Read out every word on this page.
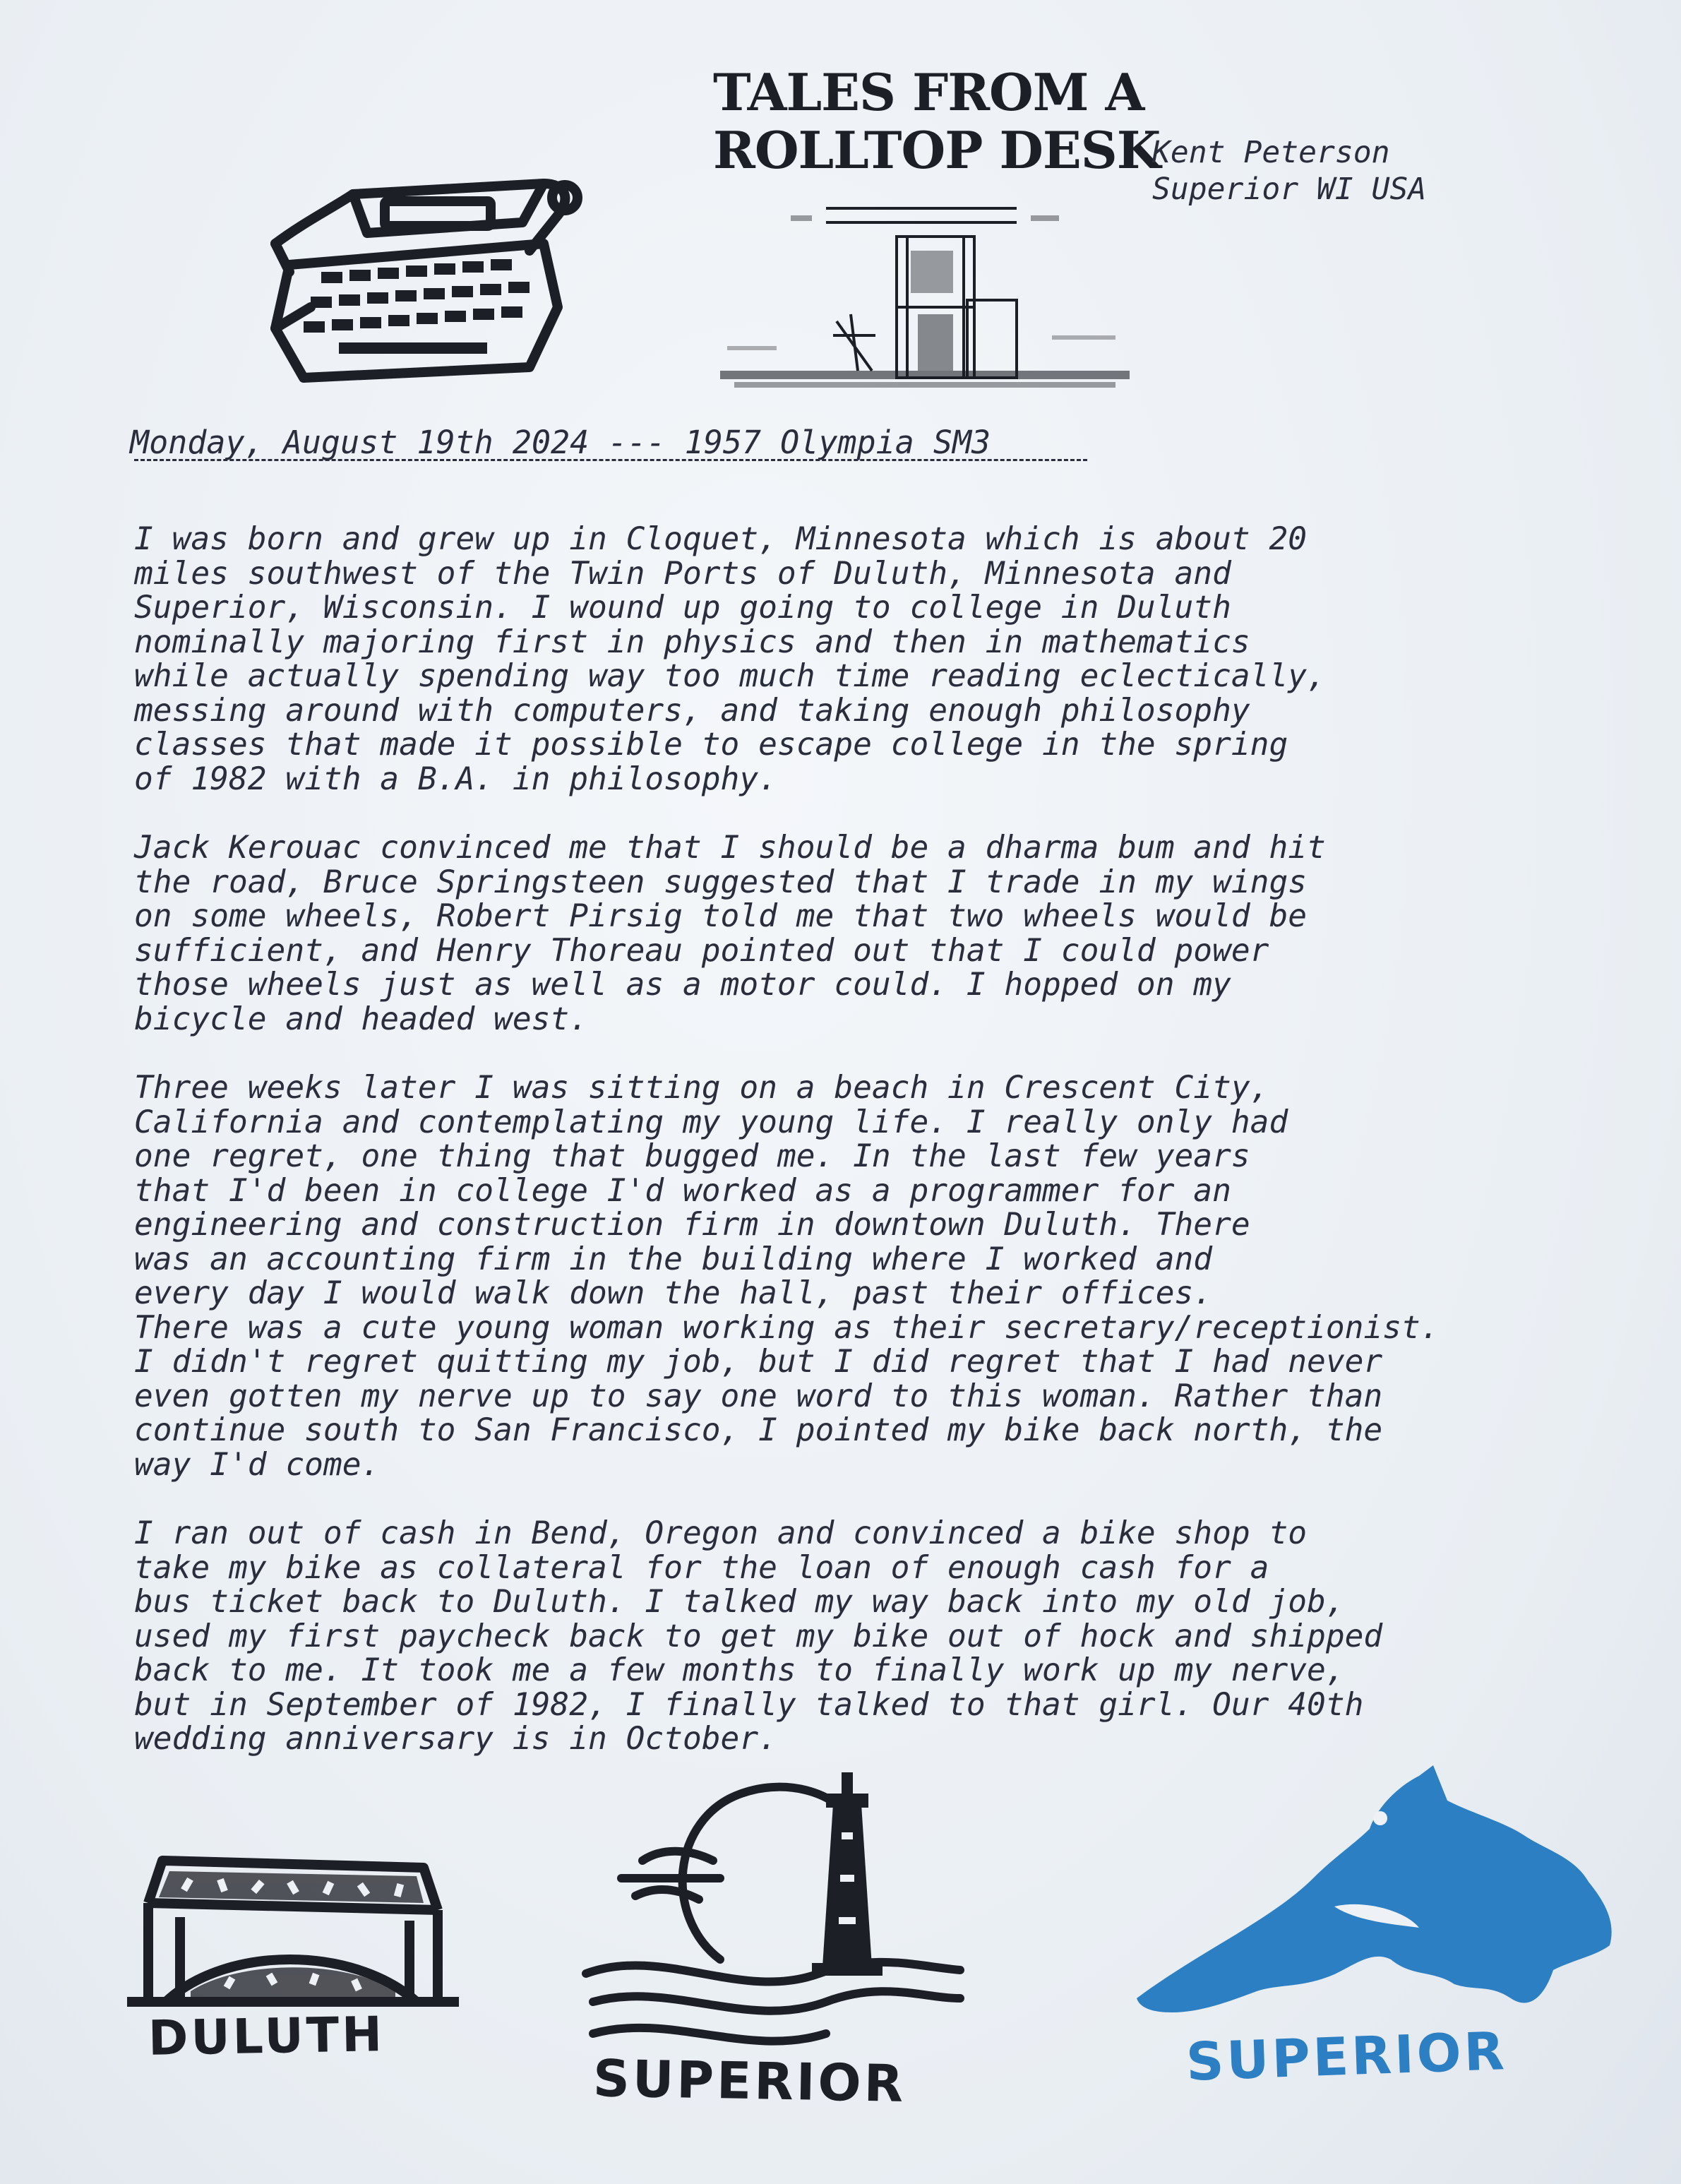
TALES FROM A
ROLLTOP DESK
Kent Peterson
Superior WI USA
Monday, August 19th 2024 --- 1957 Olympia SM3
I was born and grew up in Cloquet, Minnesota which is about 20
miles southwest of the Twin Ports of Duluth, Minnesota and
Superior, Wisconsin. I wound up going to college in Duluth
nominally majoring first in physics and then in mathematics
while actually spending way too much time reading eclectically,
messing around with computers, and taking enough philosophy
classes that made it possible to escape college in the spring
of 1982 with a B.A. in philosophy.
Jack Kerouac convinced me that I should be a dharma bum and hit
the road, Bruce Springsteen suggested that I trade in my wings
on some wheels, Robert Pirsig told me that two wheels would be
sufficient, and Henry Thoreau pointed out that I could power
those wheels just as well as a motor could. I hopped on my
bicycle and headed west.
Three weeks later I was sitting on a beach in Crescent City,
California and contemplating my young life. I really only had
one regret, one thing that bugged me. In the last few years
that I'd been in college I'd worked as a programmer for an
engineering and construction firm in downtown Duluth. There
was an accounting firm in the building where I worked and
every day I would walk down the hall, past their offices.
There was a cute young woman working as their secretary/receptionist.
I didn't regret quitting my job, but I did regret that I had never
even gotten my nerve up to say one word to this woman. Rather than
continue south to San Francisco, I pointed my bike back north, the
way I'd come.
I ran out of cash in Bend, Oregon and convinced a bike shop to
take my bike as collateral for the loan of enough cash for a
bus ticket back to Duluth. I talked my way back into my old job,
used my first paycheck back to get my bike out of hock and shipped
back to me. It took me a few months to finally work up my nerve,
but in September of 1982, I finally talked to that girl. Our 40th
wedding anniversary is in October.
DULUTH
SUPERIOR	SUPERIOR
